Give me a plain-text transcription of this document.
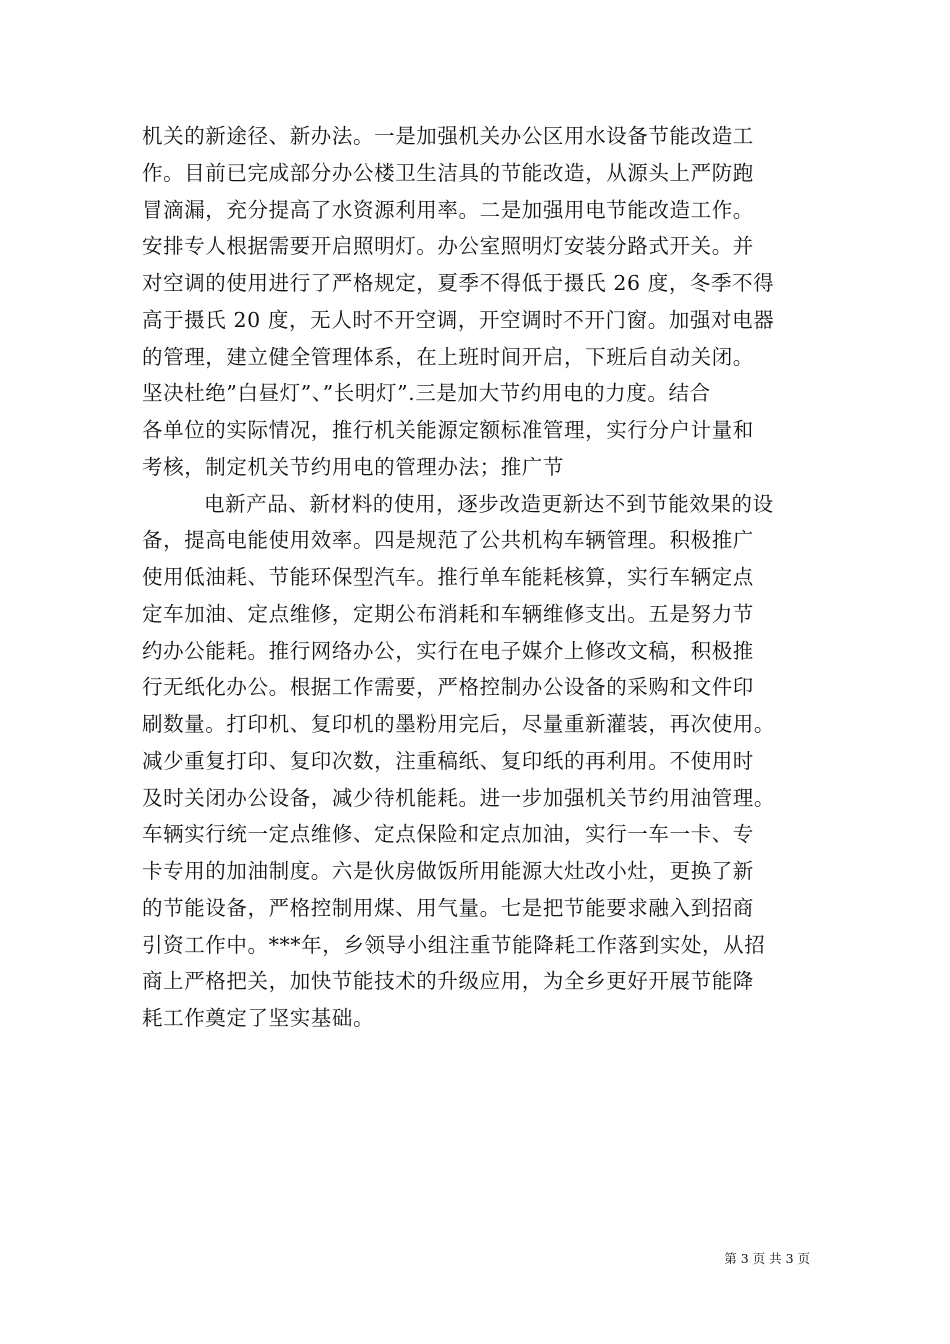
机关的新途径、新办法。一是加强机关办公区用水设备节能改造工
作。目前已完成部分办公楼卫生洁具的节能改造，从源头上严防跑
冒滴漏，充分提高了水资源利用率。二是加强用电节能改造工作。
安排专人根据需要开启照明灯。办公室照明灯安装分路式开关。并
对空调的使用进行了严格规定，夏季不得低于摄氏 26 度，冬季不得
高于摄氏 20 度，无人时不开空调，开空调时不开门窗。加强对电器
的管理，建立健全管理体系，在上班时间开启，下班后自动关闭。
坚决杜绝”白昼灯”、”长明灯”.三是加大节约用电的力度。结合
各单位的实际情况，推行机关能源定额标准管理，实行分户计量和
考核，制定机关节约用电的管理办法；推广节
电新产品、新材料的使用，逐步改造更新达不到节能效果的设
备，提高电能使用效率。四是规范了公共机构车辆管理。积极推广
使用低油耗、节能环保型汽车。推行单车能耗核算，实行车辆定点
定车加油、定点维修，定期公布消耗和车辆维修支出。五是努力节
约办公能耗。推行网络办公，实行在电子媒介上修改文稿，积极推
行无纸化办公。根据工作需要，严格控制办公设备的采购和文件印
刷数量。打印机、复印机的墨粉用完后，尽量重新灌装，再次使用。
减少重复打印、复印次数，注重稿纸、复印纸的再利用。不使用时
及时关闭办公设备，减少待机能耗。进一步加强机关节约用油管理。
车辆实行统一定点维修、定点保险和定点加油，实行一车一卡、专
卡专用的加油制度。六是伙房做饭所用能源大灶改小灶，更换了新
的节能设备，严格控制用煤、用气量。七是把节能要求融入到招商
引资工作中。***年，乡领导小组注重节能降耗工作落到实处，从招
商上严格把关，加快节能技术的升级应用，为全乡更好开展节能降
耗工作奠定了坚实基础。
第 3 页 共 3 页
